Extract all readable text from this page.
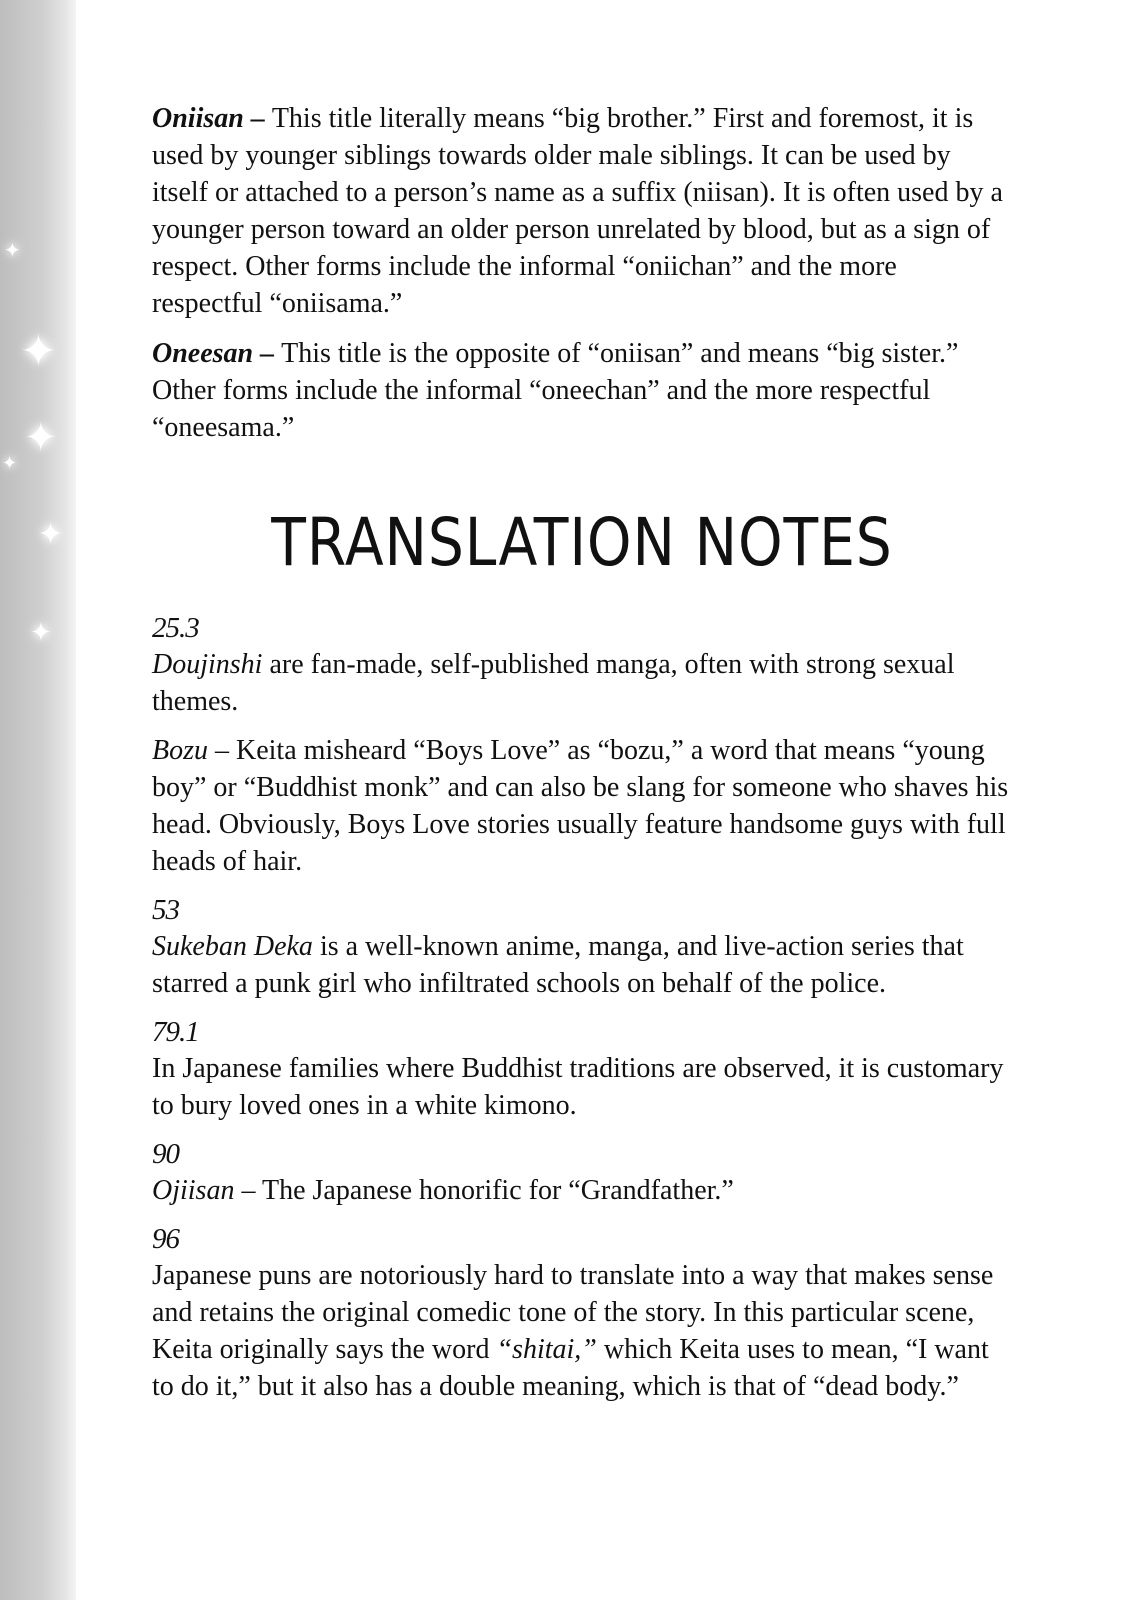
✦
✦
✦
✦
✦
✦

Oniisan – This title literally means “big brother.” First and foremost, it is used by younger siblings towards older male siblings. It can be used by itself or attached to a person’s name as a suffix (niisan). It is often used by a younger person toward an older person unrelated by blood, but as a sign of respect. Other forms include the informal “oniichan” and the more respectful “oniisama.”

Oneesan – This title is the opposite of “oniisan” and means “big sister.” Other forms include the informal “oneechan” and the more respectful “oneesama.”

TRANSLATION NOTES
25.3

Doujinshi are fan-made, self-published manga, often with strong sexual themes.

Bozu – Keita misheard “Boys Love” as “bozu,” a word that means “young boy” or “Buddhist monk” and can also be slang for someone who shaves his head. Obviously, Boys Love stories usually feature handsome guys with full heads of hair.

53

Sukeban Deka is a well-known anime, manga, and live-action series that starred a punk girl who infiltrated schools on behalf of the police.

79.1

In Japanese families where Buddhist traditions are observed, it is customary to bury loved ones in a white kimono.

90

Ojiisan – The Japanese honorific for “Grandfather.”

96

Japanese puns are notoriously hard to translate into a way that makes sense and retains the original comedic tone of the story. In this particular scene, Keita originally says the word “shitai,” which Keita uses to mean, “I want to do it,” but it also has a double meaning, which is that of “dead body.”
